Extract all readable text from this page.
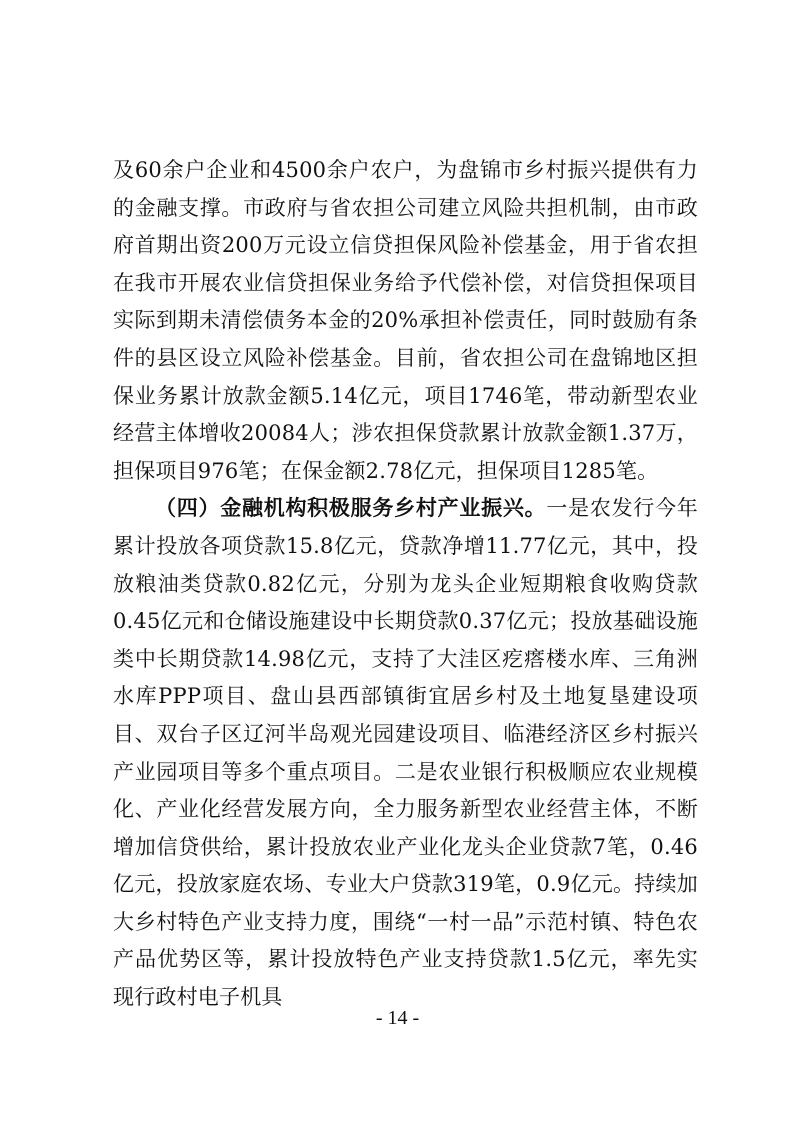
及60余户企业和4500余户农户，为盘锦市乡村振兴提供有力的金融支撑。市政府与省农担公司建立风险共担机制，由市政府首期出资200万元设立信贷担保风险补偿基金，用于省农担在我市开展农业信贷担保业务给予代偿补偿，对信贷担保项目实际到期未清偿债务本金的20%承担补偿责任，同时鼓励有条件的县区设立风险补偿基金。目前，省农担公司在盘锦地区担保业务累计放款金额5.14亿元，项目1746笔，带动新型农业经营主体增收20084人；涉农担保贷款累计放款金额1.37万，担保项目976笔；在保金额2.78亿元，担保项目1285笔。

（四）金融机构积极服务乡村产业振兴。一是农发行今年累计投放各项贷款15.8亿元，贷款净增11.77亿元，其中，投放粮油类贷款0.82亿元，分别为龙头企业短期粮食收购贷款0.45亿元和仓储设施建设中长期贷款0.37亿元；投放基础设施类中长期贷款14.98亿元，支持了大洼区疙瘩楼水库、三角洲水库PPP项目、盘山县西部镇街宜居乡村及土地复垦建设项目、双台子区辽河半岛观光园建设项目、临港经济区乡村振兴产业园项目等多个重点项目。二是农业银行积极顺应农业规模化、产业化经营发展方向，全力服务新型农业经营主体，不断增加信贷供给，累计投放农业产业化龙头企业贷款7笔，0.46亿元，投放家庭农场、专业大户贷款319笔，0.9亿元。持续加大乡村特色产业支持力度，围绕“一村一品”示范村镇、特色农产品优势区等，累计投放特色产业支持贷款1.5亿元，率先实现行政村电子机具

- 14 -
